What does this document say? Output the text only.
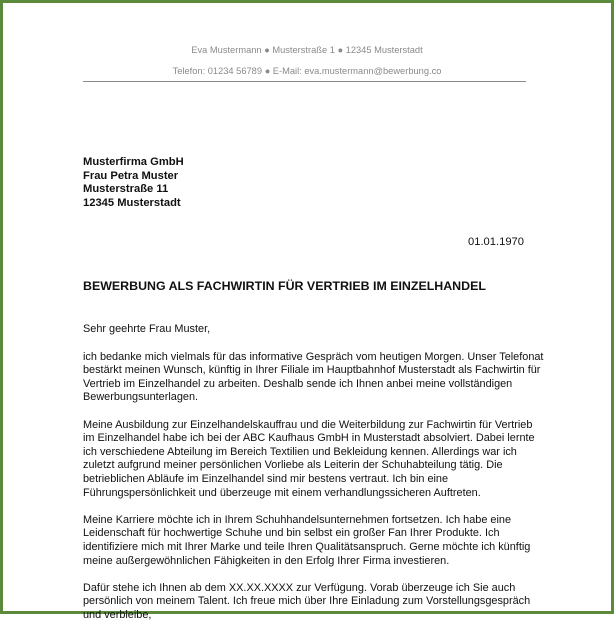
Eva Mustermann ● Musterstraße 1 ● 12345 Musterstadt
Telefon: 01234 56789 ● E-Mail: eva.mustermann@bewerbung.co
Musterfirma GmbH
Frau Petra Muster
Musterstraße 11
12345 Musterstadt
01.01.1970
BEWERBUNG ALS FACHWIRTIN FÜR VERTRIEB IM EINZELHANDEL

Sehr geehrte Frau Muster,

ich bedanke mich vielmals für das informative Gespräch vom heutigen Morgen. Unser Telefonat bestärkt meinen Wunsch, künftig in Ihrer Filiale im Hauptbahnhof Musterstadt als Fachwirtin für Vertrieb im Einzelhandel zu arbeiten. Deshalb sende ich Ihnen anbei meine vollständigen Bewerbungsunterlagen.

Meine Ausbildung zur Einzelhandelskauffrau und die Weiterbildung zur Fachwirtin für Vertrieb im Einzelhandel habe ich bei der ABC Kaufhaus GmbH in Musterstadt absolviert. Dabei lernte ich verschiedene Abteilung im Bereich Textilien und Bekleidung kennen. Allerdings war ich zuletzt aufgrund meiner persönlichen Vorliebe als Leiterin der Schuhabteilung tätig. Die betrieblichen Abläufe im Einzelhandel sind mir bestens vertraut. Ich bin eine Führungspersönlichkeit und überzeuge mit einem verhandlungssicheren Auftreten.

Meine Karriere möchte ich in Ihrem Schuhhandelsunternehmen fortsetzen. Ich habe eine Leidenschaft für hochwertige Schuhe und bin selbst ein großer Fan Ihrer Produkte. Ich identifiziere mich mit Ihrer Marke und teile Ihren Qualitätsanspruch. Gerne möchte ich künftig meine außergewöhnlichen Fähigkeiten in den Erfolg Ihrer Firma investieren.

Dafür stehe ich Ihnen ab dem XX.XX.XXXX zur Verfügung. Vorab überzeuge ich Sie auch persönlich von meinem Talent. Ich freue mich über Ihre Einladung zum Vorstellungsgespräch und verbleibe,
